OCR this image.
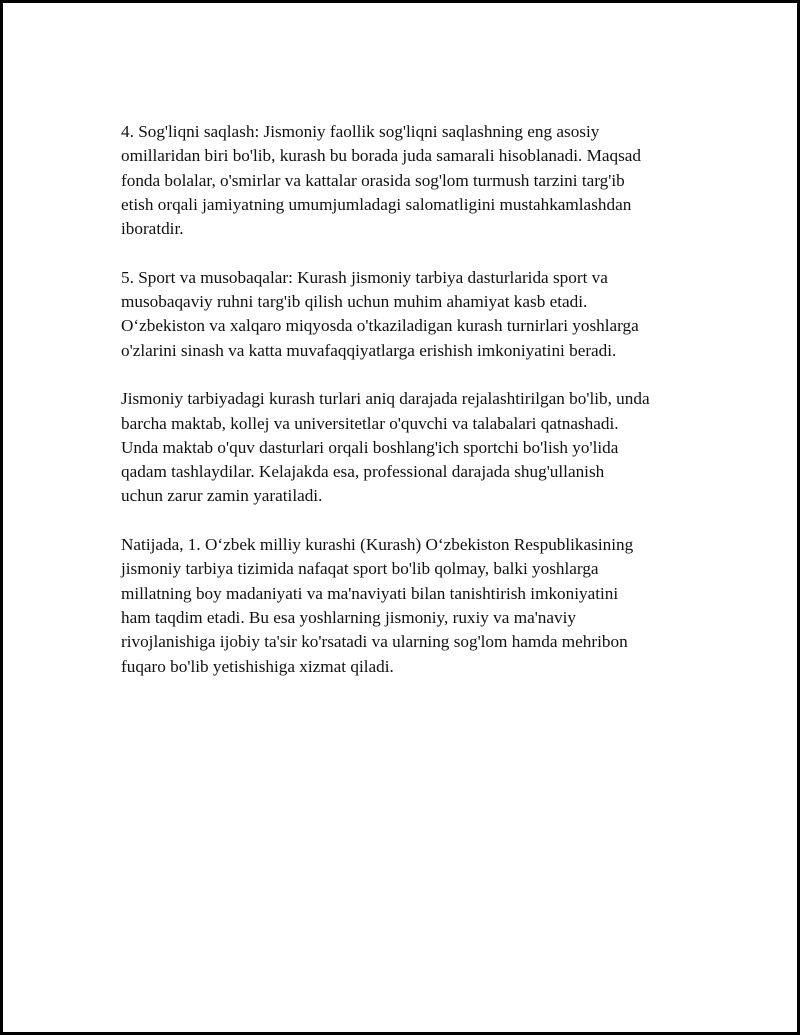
4. Sog'liqni saqlash: Jismoniy faollik sog'liqni saqlashning eng asosiy
omillaridan biri bo'lib, kurash bu borada juda samarali hisoblanadi. Maqsad
fonda bolalar, o'smirlar va kattalar orasida sog'lom turmush tarzini targ'ib
etish orqali jamiyatning umumjumladagi salomatligini mustahkamlashdan
iboratdir.

5. Sport va musobaqalar: Kurash jismoniy tarbiya dasturlarida sport va
musobaqaviy ruhni targ'ib qilish uchun muhim ahamiyat kasb etadi.
O‘zbekiston va xalqaro miqyosda o'tkaziladigan kurash turnirlari yoshlarga
o'zlarini sinash va katta muvafaqqiyatlarga erishish imkoniyatini beradi.

Jismoniy tarbiyadagi kurash turlari aniq darajada rejalashtirilgan bo'lib, unda
barcha maktab, kollej va universitetlar o'quvchi va talabalari qatnashadi.
Unda maktab o'quv dasturlari orqali boshlang'ich sportchi bo'lish yo'lida
qadam tashlaydilar. Kelajakda esa, professional darajada shug'ullanish
uchun zarur zamin yaratiladi.

Natijada, 1. O‘zbek milliy kurashi (Kurash) O‘zbekiston Respublikasining
jismoniy tarbiya tizimida nafaqat sport bo'lib qolmay, balki yoshlarga
millatning boy madaniyati va ma'naviyati bilan tanishtirish imkoniyatini
ham taqdim etadi. Bu esa yoshlarning jismoniy, ruxiy va ma'naviy
rivojlanishiga ijobiy ta'sir ko'rsatadi va ularning sog'lom hamda mehribon
fuqaro bo'lib yetishishiga xizmat qiladi.
